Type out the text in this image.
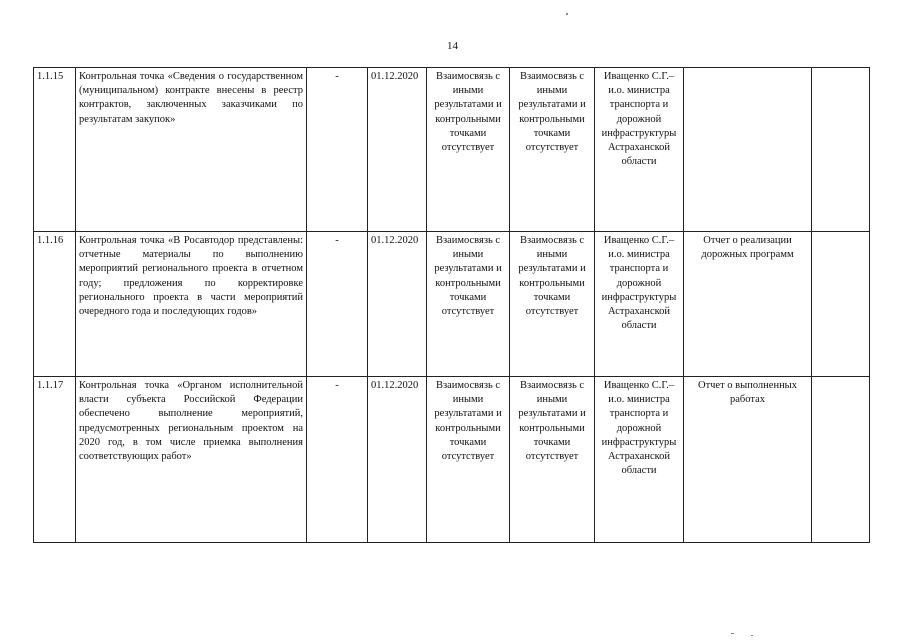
14
1.1.15	Контрольная точка «Сведения о государственном (муниципальном) контракте внесены в реестр контрактов, заключенных заказчиками по результатам закупок»	-	01.12.2020	Взаимосвязь с иными результатами и контрольными точками отсутствует	Взаимосвязь с иными результатами и контрольными точками отсутствует	Иващенко С.Г.– и.о. министра транспорта и дорожной инфраструктуры Астраханской области		
1.1.16	Контрольная точка «В Росавтодор представлены: отчетные материалы по выполнению мероприятий регионального проекта в отчетном году; предложения по корректировке регионального проекта в части мероприятий очередного года и последующих годов»	-	01.12.2020	Взаимосвязь с иными результатами и контрольными точками отсутствует	Взаимосвязь с иными результатами и контрольными точками отсутствует	Иващенко С.Г.– и.о. министра транспорта и дорожной инфраструктуры Астраханской области	Отчет о реализации дорожных программ	
1.1.17	Контрольная точка «Органом исполнительной власти субъекта Российской Федерации обеспечено выполнение мероприятий, предусмотренных региональным проектом на 2020 год, в том числе приемка выполнения соответствующих работ»	-	01.12.2020	Взаимосвязь с иными результатами и контрольными точками отсутствует	Взаимосвязь с иными результатами и контрольными точками отсутствует	Иващенко С.Г.– и.о. министра транспорта и дорожной инфраструктуры Астраханской области	Отчет о выполненных работах	
